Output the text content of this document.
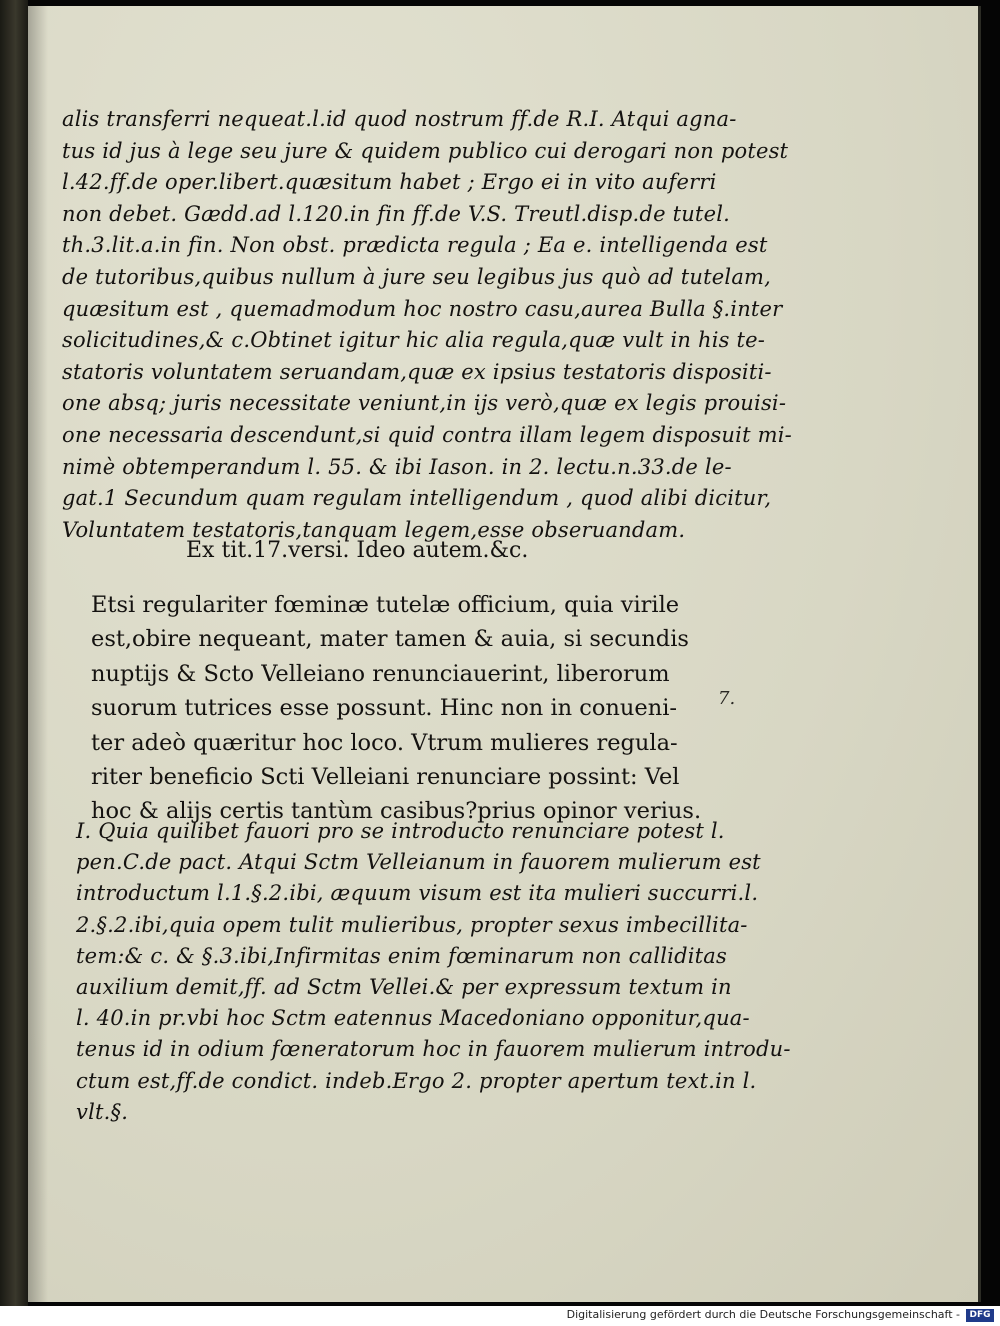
alis transferri nequeat.l.id quod nostrum ff.de R.I. Atqui agna-
tus id jus à lege seu jure & quidem publico cui derogari non potest
l.42.ff.de oper.libert.quæsitum habet ; Ergo ei in vito auferri
non debet. Gædd.ad l.120.in fin ff.de V.S. Treutl.disp.de tutel.
th.3.lit.a.in fin. Non obst. prædicta regula ; Ea e. intelligenda est
de tutoribus,quibus nullum à jure seu legibus jus quò ad tutelam,
quæsitum est , quemadmodum hoc nostro casu,aurea Bulla §.inter
solicitudines,& c.Obtinet igitur hic alia regula,quæ vult in his te-
statoris voluntatem seruandam,quæ ex ipsius testatoris dispositi-
one absq; juris necessitate veniunt,in ijs verò,quæ ex legis prouisi-
one necessaria descendunt,si quid contra illam legem disposuit mi-
nimè obtemperandum l. 55. & ibi Iason. in 2. lectu.n.33.de le-
gat.1 Secundum quam regulam intelligendum , quod alibi dicitur,
Voluntatem testatoris,tanquam legem,esse obseruandam.
Ex tit.17.versi. Ideo autem.&c.
Etsi regulariter fœminæ tutelæ officium, quia virile
est,obire nequeant, mater tamen & auia, si secundis
nuptijs & Scto Velleiano renunciauerint, liberorum
suorum tutrices esse possunt. Hinc non in conueni-
ter adeò quæritur hoc loco. Vtrum mulieres regula-
riter beneficio Scti Velleiani renunciare possint: Vel
hoc & alijs certis tantùm casibus?prius opinor verius.
7.
I. Quia quilibet fauori pro se introducto renunciare potest l.
pen.C.de pact. Atqui Sctm Velleianum in fauorem mulierum est
introductum l.1.§.2.ibi, æquum visum est ita mulieri succurri.l.
2.§.2.ibi,quia opem tulit mulieribus, propter sexus imbecillita-
tem:& c. & §.3.ibi,Infirmitas enim fœminarum non calliditas
auxilium demit,ff. ad Sctm Vellei.& per expressum textum in
l. 40.in pr.vbi hoc Sctm eatennus Macedoniano opponitur,qua-
tenus id in odium fœneratorum hoc in fauorem mulierum introdu-
ctum est,ff.de condict. indeb.Ergo 2. propter apertum text.in l.
vlt.§.
Digitalisierung gefördert durch die Deutsche Forschungsgemeinschaft -	DFG
